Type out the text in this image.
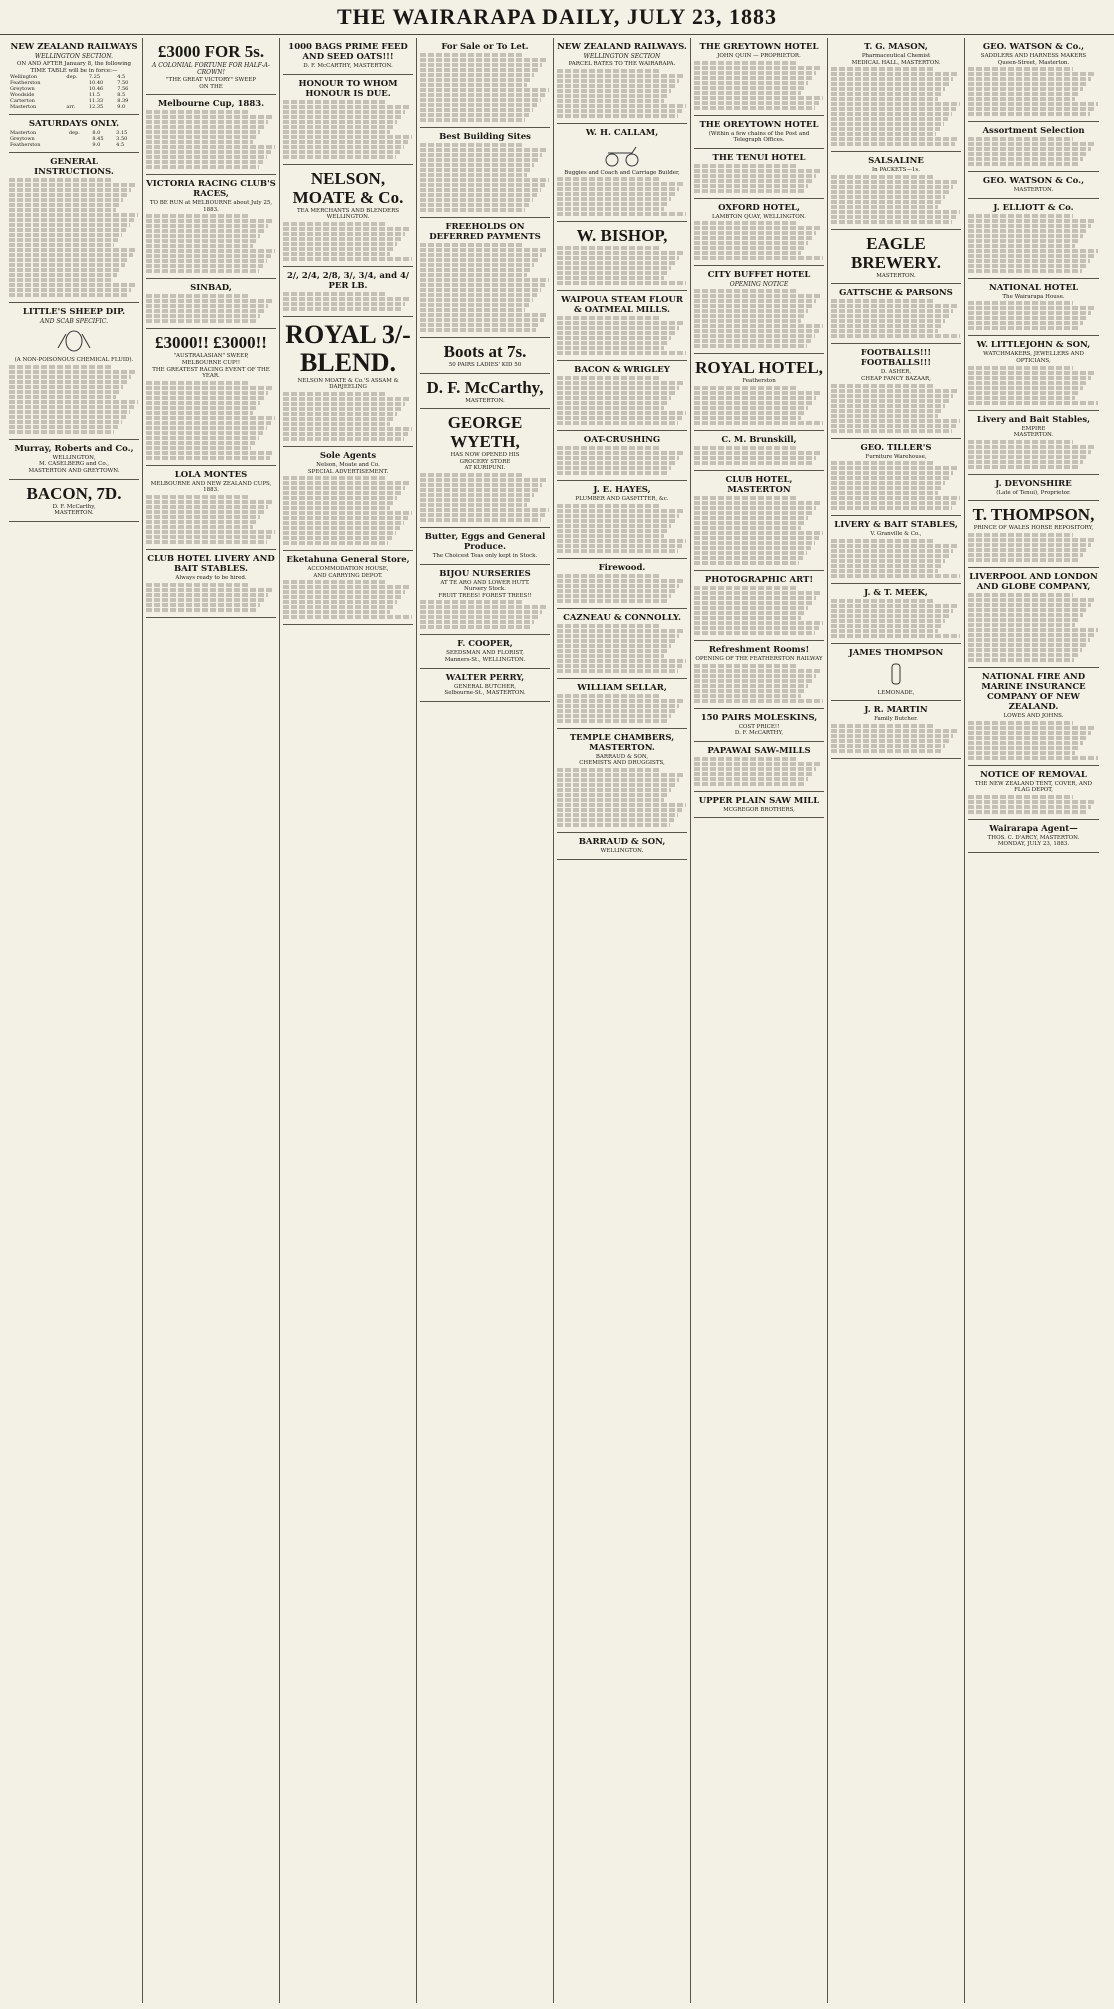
THE WAIRARAPA DAILY, JULY 23, 1883
NEW ZEALAND RAILWAYS
WELLINGTON SECTION.
ON AND AFTER January 8, the following TIME TABLE will be in force:—
Wellington	dep.	7.25	4.5
Featherston		10.40	7.50
Greytown		10.46	7.56
Woodside		11.5	8.5
Carterton		11.33	8.39
Masterton	arr.	12.35	9.0
SATURDAYS ONLY.
Masterton	dep.	8.0	3.15
Greytown		8.45	3.50
Featherston		9.0	4.5
GENERAL INSTRUCTIONS.
LITTLE'S SHEEP DIP.
AND SCAB SPECIFIC.
(A NON-POISONOUS CHEMICAL FLUID).
Murray, Roberts and Co.,
WELLINGTON,
M. CASELBERG and Co.,
MASTERTON AND GREYTOWN.
BACON, 7D.
D. F. McCarthy,
MASTERTON.
£3000 FOR 5s.
A COLONIAL FORTUNE FOR HALF-A-CROWN!
"THE GREAT VICTORY" SWEEP
ON THE
Melbourne Cup, 1883.
VICTORIA RACING CLUB'S RACES,
TO BE RUN at MELBOURNE about July 25, 1883.
SINBAD,
£3000!! £3000!!
"AUSTRALASIAN" SWEEP,
MELBOURNE CUP!!
THE GREATEST RACING EVENT OF THE YEAR.
LOLA MONTES
MELBOURNE AND NEW ZEALAND CUPS, 1883.
CLUB HOTEL LIVERY AND BAIT STABLES.
Always ready to be hired.
1000 BAGS PRIME FEED AND SEED OATS!!!
D. F. McCARTHY, MASTERTON.
HONOUR TO WHOM HONOUR IS DUE.
NELSON, MOATE & Co.
TEA MERCHANTS AND BLENDERS
WELLINGTON.
2/, 2/4, 2/8, 3/, 3/4, and 4/ PER LB.
ROYAL 3/- BLEND.
NELSON MOATE & Co.'S ASSAM & DARJEELING
Sole Agents
Nelson, Moate and Co.
SPECIAL ADVERTISEMENT.
Eketahuna General Store,
ACCOMMODATION HOUSE,
AND CARRYING DEPOT.
For Sale or To Let.
Best Building Sites
FREEHOLDS ON DEFERRED PAYMENTS
Boots at 7s.
50 PAIRS LADIES' KID 50
D. F. McCarthy,
MASTERTON.
GEORGE WYETH,
HAS NOW OPENED HIS
GROCERY STORE
AT KURIPUNI.
Butter, Eggs and General Produce.
The Choicest Teas only kept in Stock.
BIJOU NURSERIES
AT TE ARO AND LOWER HUTT.
Nursery Stock.
FRUIT TREES! FOREST TREES!!
F. COOPER,
SEEDSMAN AND FLORIST,
Manners-St., WELLINGTON.
WALTER PERRY,
GENERAL BUTCHER,
Selbourne-St., MASTERTON.
NEW ZEALAND RAILWAYS.
WELLINGTON SECTION
PARCEL RATES TO THE WAIRARAPA.
W. H. CALLAM,
Buggies and Coach and Carriage Builder,
W. BISHOP,
WAIPOUA STEAM FLOUR & OATMEAL MILLS.
BACON & WRIGLEY
OAT-CRUSHING
J. E. HAYES,
PLUMBER AND GASFITTER, &c.
Firewood.
CAZNEAU & CONNOLLY.
WILLIAM SELLAR,
TEMPLE CHAMBERS, MASTERTON.
BARRAUD & SON,
CHEMISTS AND DRUGGISTS,
BARRAUD & SON,
WELLINGTON.
THE GREYTOWN HOTEL
JOHN QUIN — PROPRIETOR.
THE OREYTOWN HOTEL
(Within a few chains of the Post and Telegraph Offices.
THE TENUI HOTEL
OXFORD HOTEL,
LAMBTON QUAY, WELLINGTON.
CITY BUFFET HOTEL
OPENING NOTICE
ROYAL HOTEL,
Featherston
C. M. Brunskill,
CLUB HOTEL, MASTERTON
PHOTOGRAPHIC ART!
Refreshment Rooms!
OPENING OF THE FEATHERSTON RAILWAY
150 PAIRS MOLESKINS,
COST PRICE!!
D. F. McCARTHY,
PAPAWAI SAW-MILLS
UPPER PLAIN SAW MILL
MCGREGOR BROTHERS,
T. G. MASON,
Pharmaceutical Chemist
MEDICAL HALL, MASTERTON.
SALSALINE
In PACKETS—1s.
EAGLE BREWERY.
MASTERTON.
GATTSCHE & PARSONS
FOOTBALLS!!! FOOTBALLS!!!
D. ASHER,
CHEAP FANCY BAZAAR,
GEO. TILLER'S
Furniture Warehouse,
LIVERY & BAIT STABLES,
V. Granville & Co.,
J. & T. MEEK,
JAMES THOMPSON
LEMONADE,
J. R. MARTIN
Family Butcher.
GEO. WATSON & Co.,
SADDLERS AND HARNESS MAKERS
Queen-Street, Masterton.
Assortment Selection
GEO. WATSON & Co.,
MASTERTON.
J. ELLIOTT & Co.
NATIONAL HOTEL
The Wairarapa House.
W. LITTLEJOHN & SON,
WATCHMAKERS, JEWELLERS AND OPTICIANS,
Livery and Bait Stables,
EMPIRE
MASTERTON.
J. DEVONSHIRE
(Late of Tenui), Proprietor.
T. THOMPSON,
PRINCE OF WALES HORSE REPOSITORY,
LIVERPOOL AND LONDON AND GLOBE COMPANY,
NATIONAL FIRE AND MARINE INSURANCE COMPANY OF NEW ZEALAND.
LOWES AND JOHNS.
NOTICE OF REMOVAL
THE NEW ZEALAND TENT, COVER, AND FLAG DEPOT,
Wairarapa Agent—
THOS. C. D'ARCY, MASTERTON.
MONDAY, JULY 23, 1883.
